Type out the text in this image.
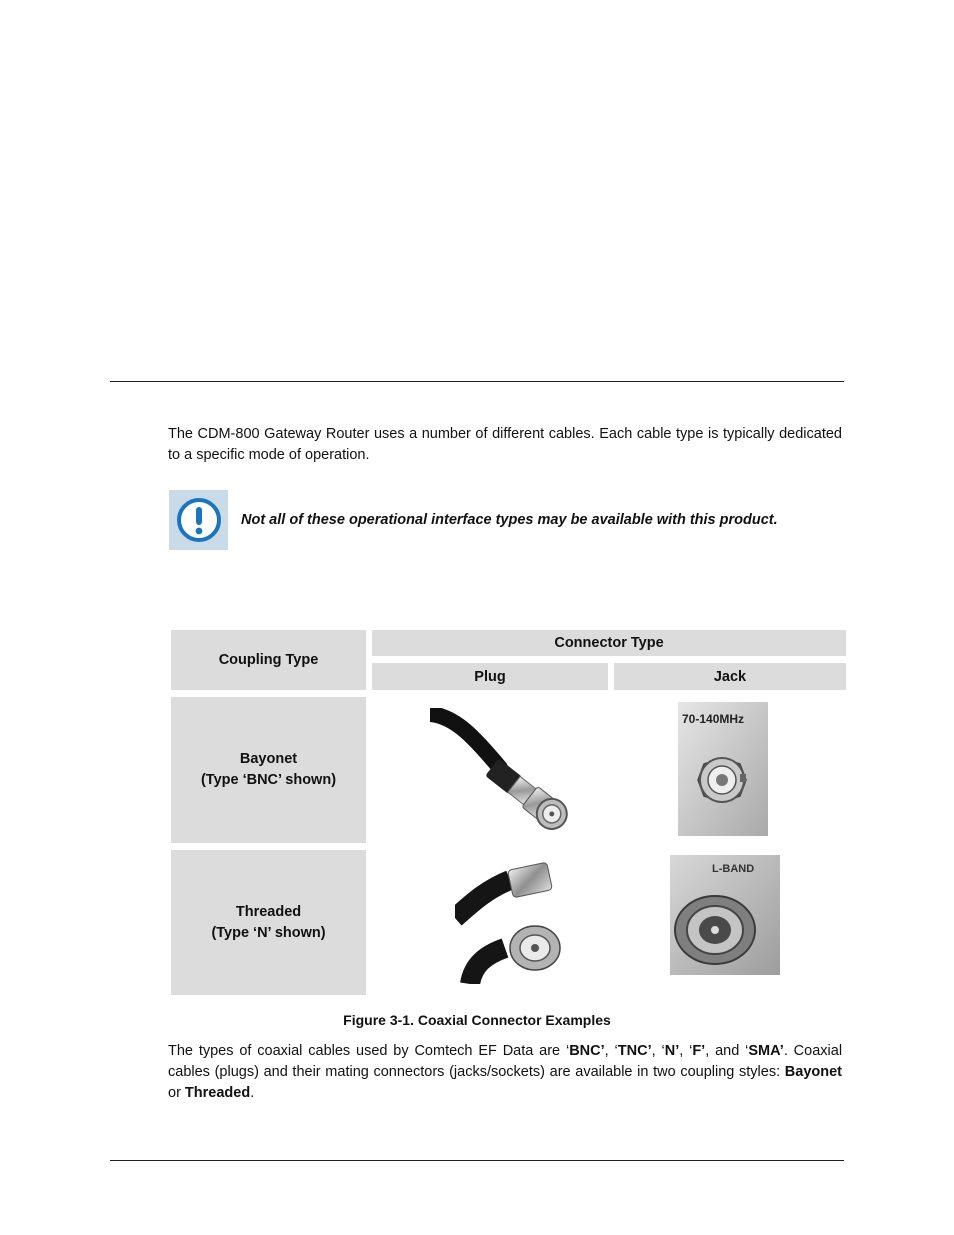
The CDM-800 Gateway Router uses a number of different cables. Each cable type is typically dedicated to a specific mode of operation.

Not all of these operational interface types may be available with this product.
Coupling Type
Connector Type
Plug	Jack
Bayonet
(Type ‘BNC’ shown)
70-140MHz
Threaded
(Type ‘N’ shown)
L-BAND
Figure 3-1. Coaxial Connector Examples

The types of coaxial cables used by Comtech EF Data are ‘BNC’, ‘TNC’, ‘N’, ‘F’, and ‘SMA’. Coaxial cables (plugs) and their mating connectors (jacks/sockets) are available in two coupling styles: Bayonet or Threaded.
